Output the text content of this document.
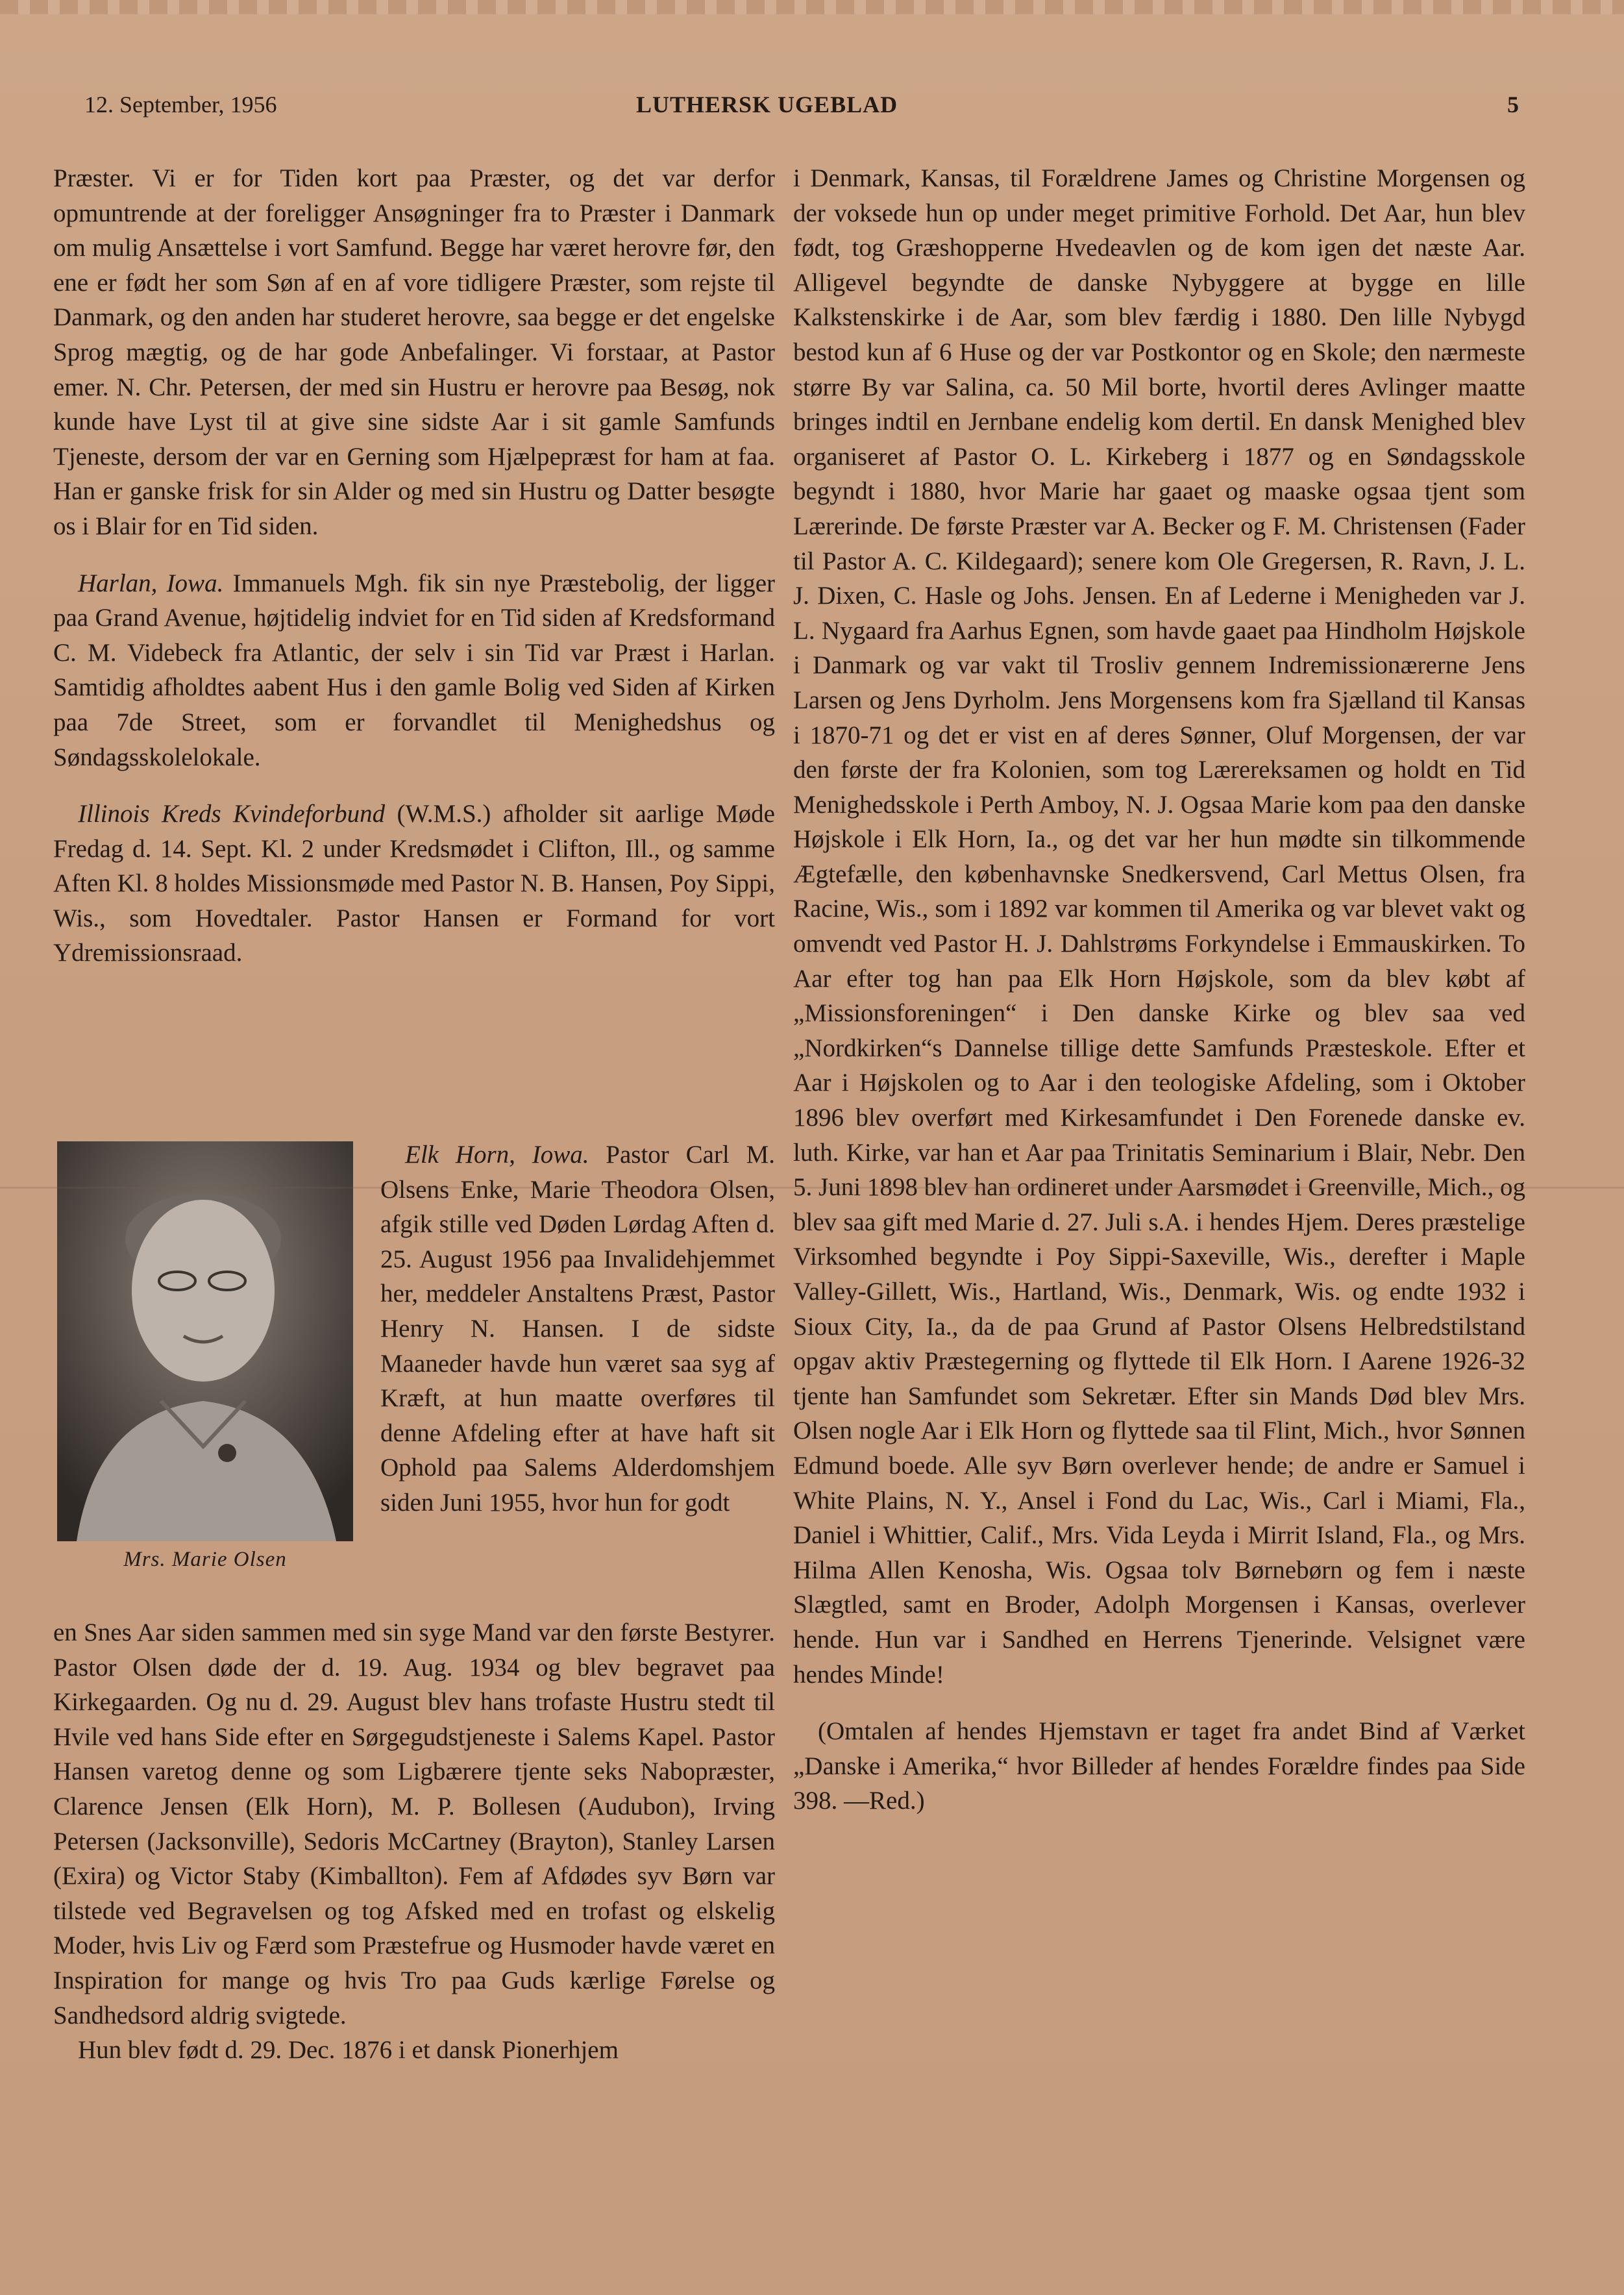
12. September, 1956	LUTHERSK UGEBLAD	5

Præster. Vi er for Tiden kort paa Præster, og det var derfor opmuntrende at der foreligger Ansøgninger fra to Præster i Danmark om mulig Ansættelse i vort Samfund. Begge har været herovre før, den ene er født her som Søn af en af vore tidligere Præster, som rejste til Danmark, og den anden har studeret herovre, saa begge er det engelske Sprog mægtig, og de har gode Anbefalinger. Vi forstaar, at Pastor emer. N. Chr. Petersen, der med sin Hustru er herovre paa Besøg, nok kunde have Lyst til at give sine sidste Aar i sit gamle Samfunds Tjeneste, dersom der var en Gerning som Hjælpepræst for ham at faa. Han er ganske frisk for sin Alder og med sin Hustru og Datter besøgte os i Blair for en Tid siden.

Harlan, Iowa. Immanuels Mgh. fik sin nye Præstebolig, der ligger paa Grand Avenue, højtidelig indviet for en Tid siden af Kredsformand C. M. Videbeck fra Atlantic, der selv i sin Tid var Præst i Harlan. Samtidig afholdtes aabent Hus i den gamle Bolig ved Siden af Kirken paa 7de Street, som er forvandlet til Menighedshus og Søndagsskolelokale.

Illinois Kreds Kvindeforbund (W.M.S.) afholder sit aarlige Møde Fredag d. 14. Sept. Kl. 2 under Kredsmødet i Clifton, Ill., og samme Aften Kl. 8 holdes Missionsmøde med Pastor N. B. Hansen, Poy Sippi, Wis., som Hovedtaler. Pastor Hansen er Formand for vort Ydremissionsraad.

Mrs. Marie Olsen

Elk Horn, Iowa. Pastor Carl M. Olsens Enke, Marie Theodora Olsen, afgik stille ved Døden Lørdag Aften d. 25. August 1956 paa Invalidehjemmet her, meddeler Anstaltens Præst, Pastor Henry N. Hansen. I de sidste Maaneder havde hun været saa syg af Kræft, at hun maatte overføres til denne Afdeling efter at have haft sit Ophold paa Salems Alderdomshjem siden Juni 1955, hvor hun for godt

en Snes Aar siden sammen med sin syge Mand var den første Bestyrer. Pastor Olsen døde der d. 19. Aug. 1934 og blev begravet paa Kirkegaarden. Og nu d. 29. August blev hans trofaste Hustru stedt til Hvile ved hans Side efter en Sørgegudstjeneste i Salems Kapel. Pastor Hansen varetog denne og som Ligbærere tjente seks Nabopræster, Clarence Jensen (Elk Horn), M. P. Bollesen (Audubon), Irving Petersen (Jacksonville), Sedoris McCartney (Brayton), Stanley Larsen (Exira) og Victor Staby (Kimballton). Fem af Afdødes syv Børn var tilstede ved Begravelsen og tog Afsked med en trofast og elskelig Moder, hvis Liv og Færd som Præstefrue og Husmoder havde været en Inspiration for mange og hvis Tro paa Guds kærlige Førelse og Sandhedsord aldrig svigtede.

Hun blev født d. 29. Dec. 1876 i et dansk Pionerhjem

i Denmark, Kansas, til Forældrene James og Christine Morgensen og der voksede hun op under meget primitive Forhold. Det Aar, hun blev født, tog Græshopperne Hvedeavlen og de kom igen det næste Aar. Alligevel begyndte de danske Nybyggere at bygge en lille Kalkstenskirke i de Aar, som blev færdig i 1880. Den lille Nybygd bestod kun af 6 Huse og der var Postkontor og en Skole; den nærmeste større By var Salina, ca. 50 Mil borte, hvortil deres Avlinger maatte bringes indtil en Jernbane endelig kom dertil. En dansk Menighed blev organiseret af Pastor O. L. Kirkeberg i 1877 og en Søndagsskole begyndt i 1880, hvor Marie har gaaet og maaske ogsaa tjent som Lærerinde. De første Præster var A. Becker og F. M. Christensen (Fader til Pastor A. C. Kildegaard); senere kom Ole Gregersen, R. Ravn, J. L. J. Dixen, C. Hasle og Johs. Jensen. En af Lederne i Menigheden var J. L. Nygaard fra Aarhus Egnen, som havde gaaet paa Hindholm Højskole i Danmark og var vakt til Trosliv gennem Indremissionærerne Jens Larsen og Jens Dyrholm. Jens Morgensens kom fra Sjælland til Kansas i 1870-71 og det er vist en af deres Sønner, Oluf Morgensen, der var den første der fra Kolonien, som tog Lærereksamen og holdt en Tid Menighedsskole i Perth Amboy, N. J. Ogsaa Marie kom paa den danske Højskole i Elk Horn, Ia., og det var her hun mødte sin tilkommende Ægtefælle, den københavnske Snedkersvend, Carl Mettus Olsen, fra Racine, Wis., som i 1892 var kommen til Amerika og var blevet vakt og omvendt ved Pastor H. J. Dahlstrøms Forkyndelse i Emmauskirken. To Aar efter tog han paa Elk Horn Højskole, som da blev købt af „Missionsforeningen“ i Den danske Kirke og blev saa ved „Nordkirken“s Dannelse tillige dette Samfunds Præsteskole. Efter et Aar i Højskolen og to Aar i den teologiske Afdeling, som i Oktober 1896 blev overført med Kirkesamfundet i Den Forenede danske ev. luth. Kirke, var han et Aar paa Trinitatis Seminarium i Blair, Nebr. Den 5. Juni 1898 blev han ordineret under Aarsmødet i Greenville, Mich., og blev saa gift med Marie d. 27. Juli s.A. i hendes Hjem. Deres præstelige Virksomhed begyndte i Poy Sippi-Saxeville, Wis., derefter i Maple Valley-Gillett, Wis., Hartland, Wis., Denmark, Wis. og endte 1932 i Sioux City, Ia., da de paa Grund af Pastor Olsens Helbredstilstand opgav aktiv Præstegerning og flyttede til Elk Horn. I Aarene 1926-32 tjente han Samfundet som Sekretær. Efter sin Mands Død blev Mrs. Olsen nogle Aar i Elk Horn og flyttede saa til Flint, Mich., hvor Sønnen Edmund boede. Alle syv Børn overlever hende; de andre er Samuel i White Plains, N. Y., Ansel i Fond du Lac, Wis., Carl i Miami, Fla., Daniel i Whittier, Calif., Mrs. Vida Leyda i Mirrit Island, Fla., og Mrs. Hilma Allen Kenosha, Wis. Ogsaa tolv Børnebørn og fem i næste Slægtled, samt en Broder, Adolph Morgensen i Kansas, overlever hende. Hun var i Sandhed en Herrens Tjenerinde. Velsignet være hendes Minde!

(Omtalen af hendes Hjemstavn er taget fra andet Bind af Værket „Danske i Amerika,“ hvor Billeder af hendes Forældre findes paa Side 398. —Red.)
